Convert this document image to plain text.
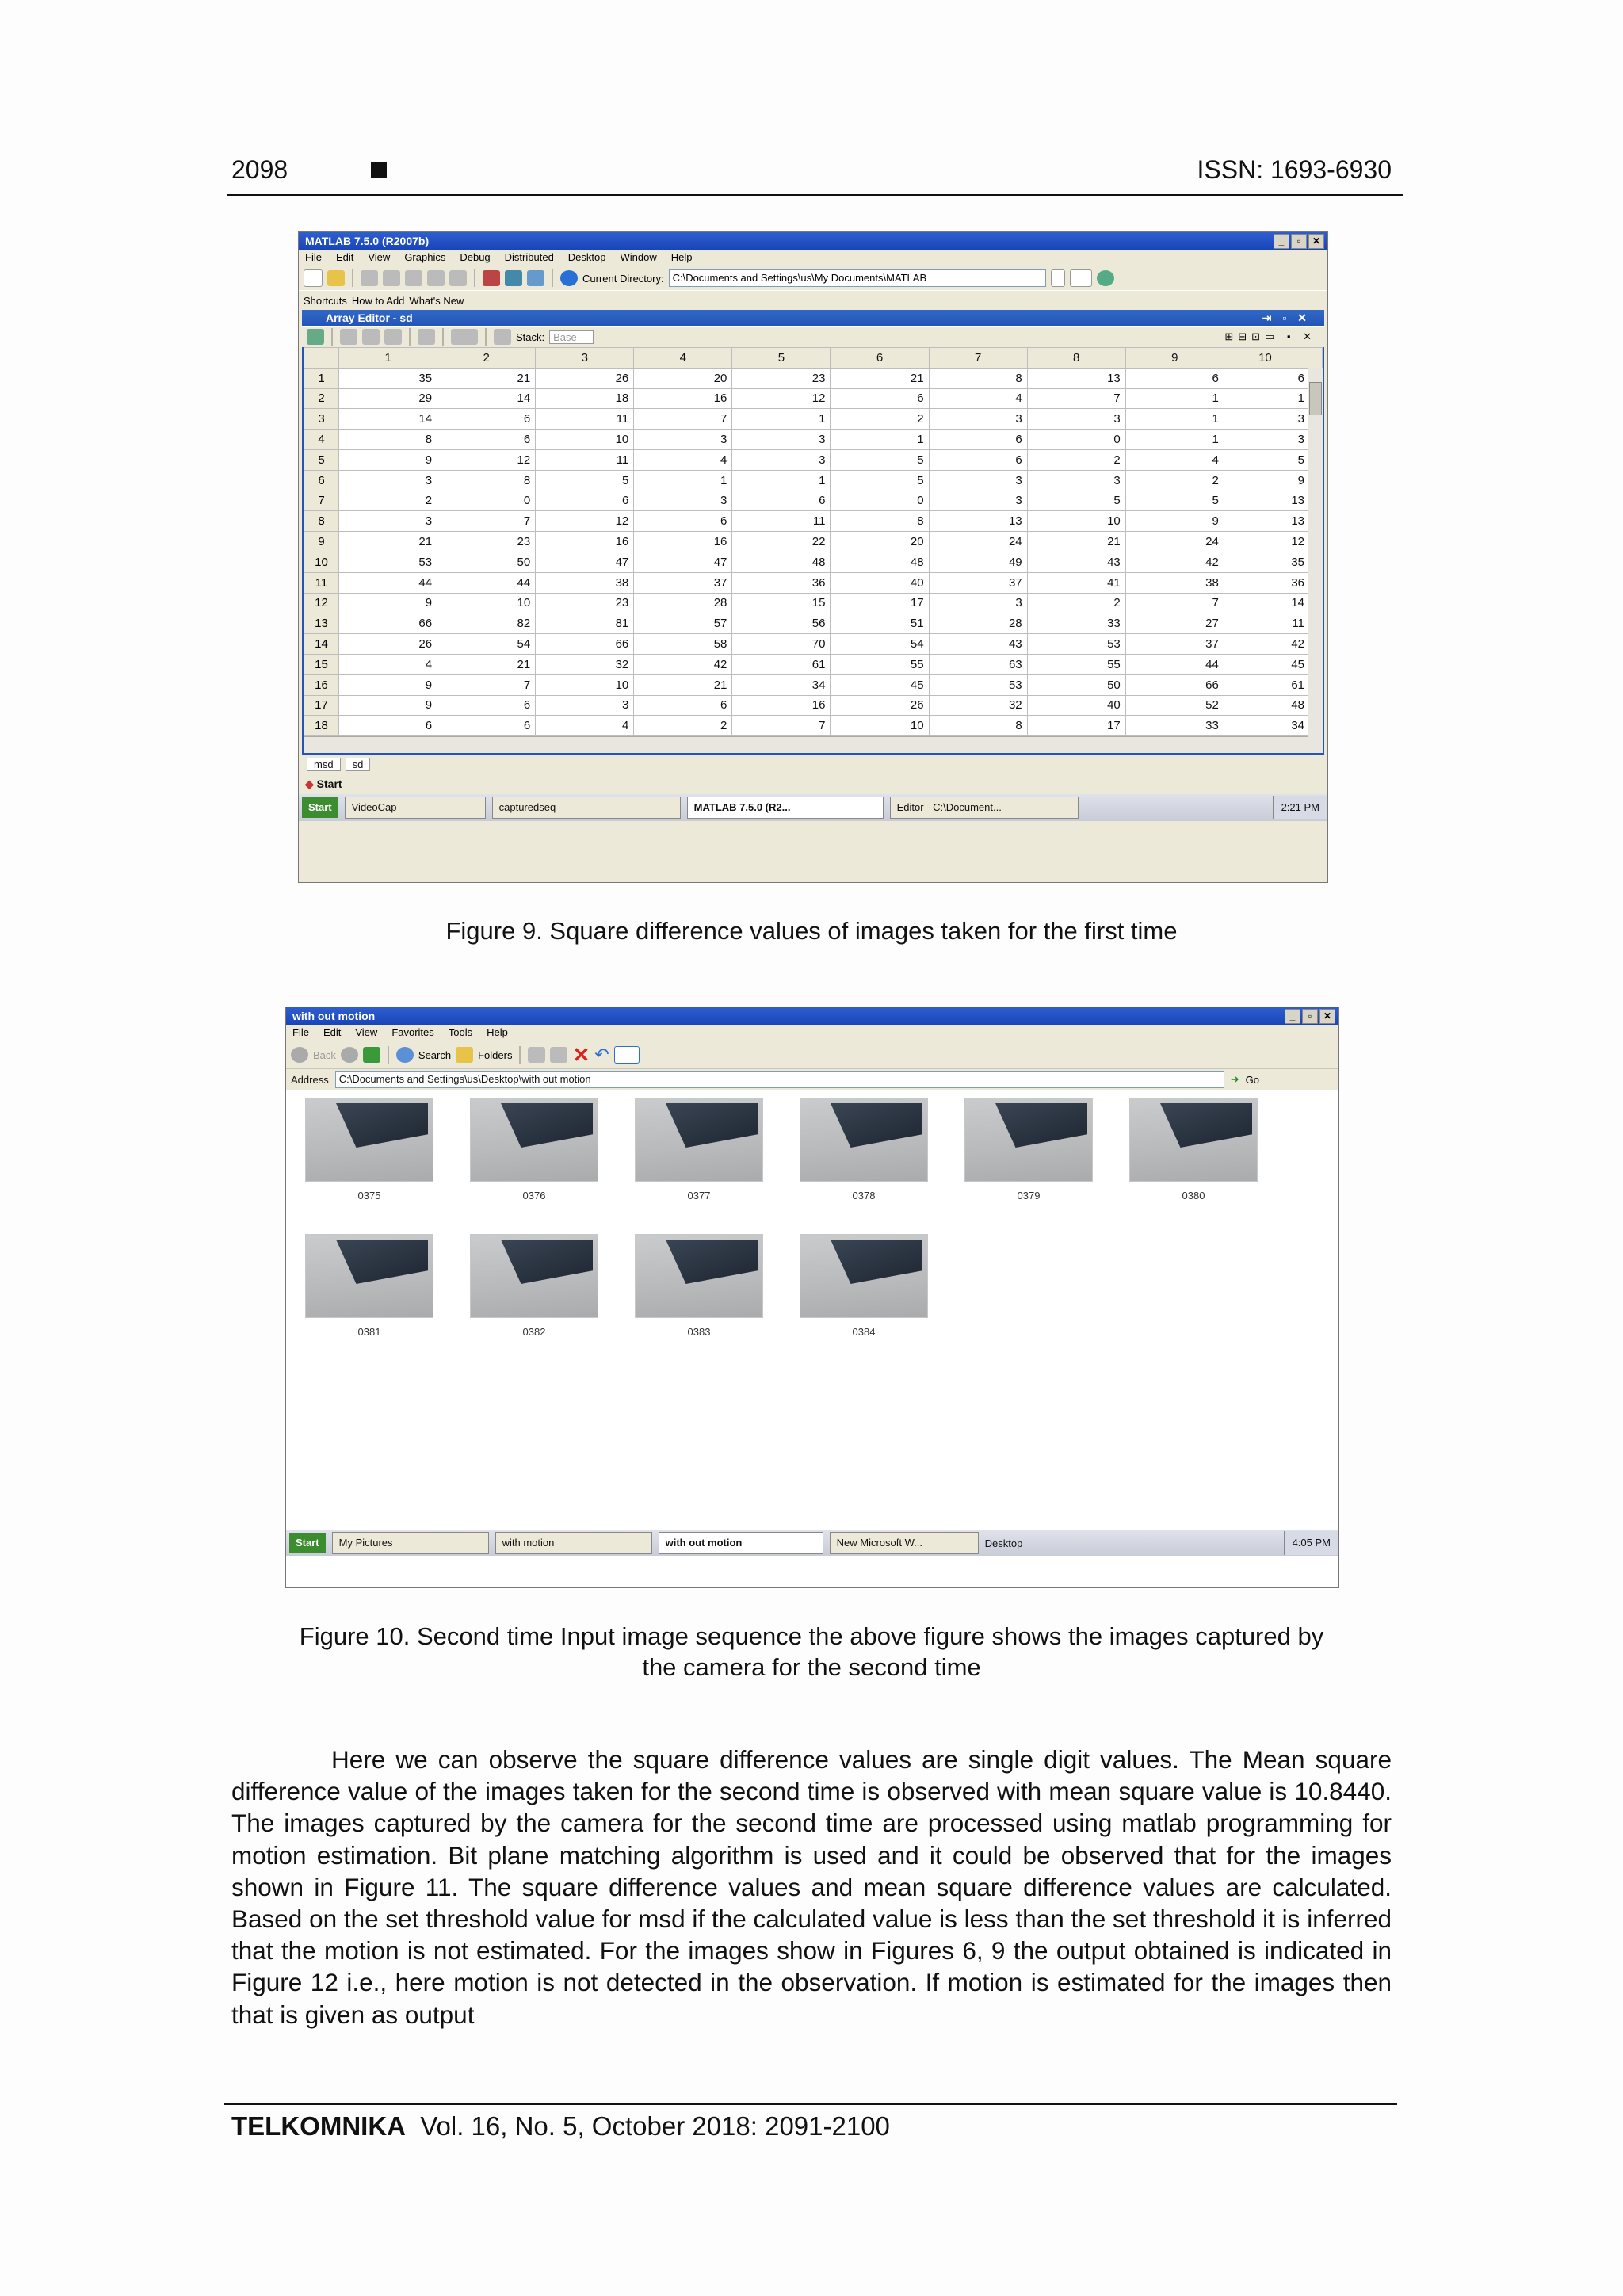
2098	ISSN: 1693-6930
MATLAB 7.5.0 (R2007b)	_	▫	✕
File Edit View Graphics Debug Distributed Desktop Window Help
Current Directory: C:\Documents and Settings\us\My Documents\MATLAB
Shortcuts How to Add What's New
Array Editor - sd	⇥▫✕
Stack: Base	⊞⊟⊡▭ ▪ ✕
	1	2	3	4	5	6	7	8	9	10
1	35	21	26	20	23	21	8	13	6	6
2	29	14	18	16	12	6	4	7	1	1
3	14	6	11	7	1	2	3	3	1	3
4	8	6	10	3	3	1	6	0	1	3
5	9	12	11	4	3	5	6	2	4	5
6	3	8	5	1	1	5	3	3	2	9
7	2	0	6	3	6	0	3	5	5	13
8	3	7	12	6	11	8	13	10	9	13
9	21	23	16	16	22	20	24	21	24	12
10	53	50	47	47	48	48	49	43	42	35
11	44	44	38	37	36	40	37	41	38	36
12	9	10	23	28	15	17	3	2	7	14
13	66	82	81	57	56	51	28	33	27	11
14	26	54	66	58	70	54	43	53	37	42
15	4	21	32	42	61	55	63	55	44	45
16	9	7	10	21	34	45	53	50	66	61
17	9	6	3	6	16	26	32	40	52	48
18	6	6	4	2	7	10	8	17	33	34
msd	sd
◆ Start
Start	VideoCap	capturedseq	MATLAB 7.5.0 (R2...	Editor - C:\Document...	2:21 PM
Figure 9. Square difference values of images taken for the first time
with out motion	_	▫	✕
File Edit View Favorites Tools Help
Back	Search	Folders	✕ ↶
Address	C:\Documents and Settings\us\Desktop\with out motion	➜ Go
0375	0376	0377	0378	0379	0380
0381	0382	0383	0384
Start	My Pictures	with motion	with out motion	New Microsoft W...	Desktop	4:05 PM
Figure 10. Second time Input image sequence the above figure shows the images captured by
the camera for the second time

Here we can observe the square difference values are single digit values. The Mean square difference value of the images taken for the second time is observed with mean square value is 10.8440. The images captured by the camera for the second time are processed using matlab programming for motion estimation. Bit plane matching algorithm is used and it could be observed that for the images shown in Figure 11. The square difference values and mean square difference values are calculated. Based on the set threshold value for msd if the calculated value is less than the set threshold it is inferred that the motion is not estimated. For the images show in Figures 6, 9 the output obtained is indicated in Figure 12 i.e., here motion is not detected in the observation. If motion is estimated for the images then that is given as output

TELKOMNIKA Vol. 16, No. 5, October 2018: 2091-2100
